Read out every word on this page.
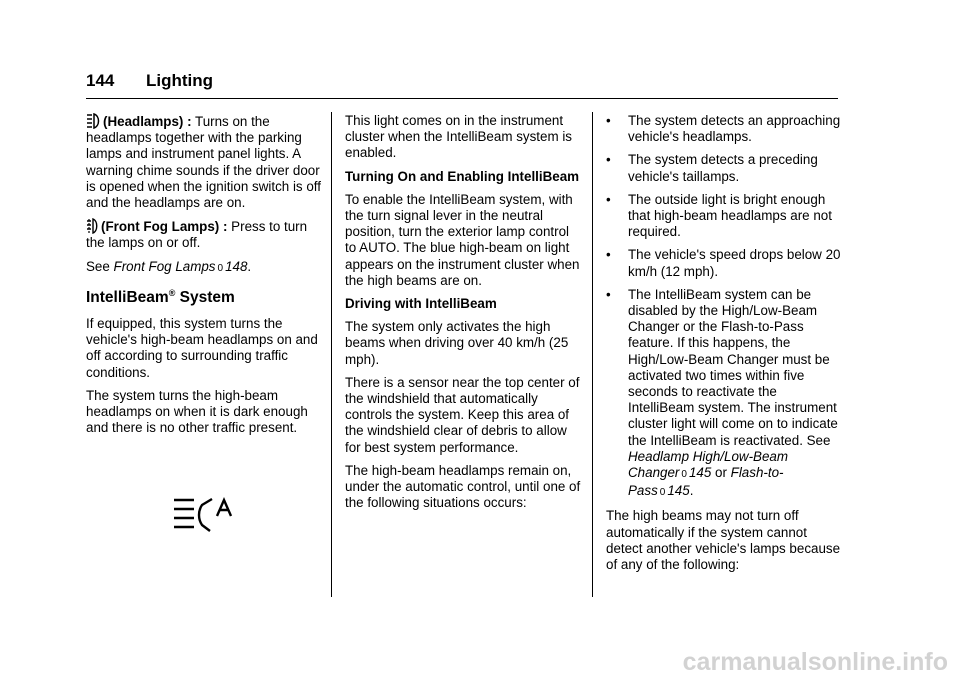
144 Lighting

(Headlamps) : Turns on the headlamps together with the parking lamps and instrument panel lights. A warning chime sounds if the driver door is opened when the ignition switch is off and the headlamps are on.

(Front Fog Lamps) : Press to turn the lamps on or off.

See Front Fog Lamps 0 148.

IntelliBeam® System

If equipped, this system turns the vehicle's high-beam headlamps on and off according to surrounding traffic conditions.

The system turns the high-beam headlamps on when it is dark enough and there is no other traffic present.

This light comes on in the instrument cluster when the IntelliBeam system is enabled.

Turning On and Enabling IntelliBeam

To enable the IntelliBeam system, with the turn signal lever in the neutral position, turn the exterior lamp control to AUTO. The blue high-beam on light appears on the instrument cluster when the high beams are on.

Driving with IntelliBeam

The system only activates the high beams when driving over 40 km/h (25 mph).

There is a sensor near the top center of the windshield that automatically controls the system. Keep this area of the windshield clear of debris to allow for best system performance.

The high-beam headlamps remain on, under the automatic control, until one of the following situations occurs:

• The system detects an approaching vehicle's headlamps.
• The system detects a preceding vehicle's taillamps.
• The outside light is bright enough that high-beam headlamps are not required.
• The vehicle's speed drops below 20 km/h (12 mph).
• The IntelliBeam system can be disabled by the High/Low-Beam Changer or the Flash-to-Pass feature. If this happens, the High/Low-Beam Changer must be activated two times within five seconds to reactivate the IntelliBeam system. The instrument cluster light will come on to indicate the IntelliBeam is reactivated. See Headlamp High/Low-Beam Changer 0 145 or Flash-to-Pass 0 145.

The high beams may not turn off automatically if the system cannot detect another vehicle's lamps because of any of the following:

carmanualsonline.info
